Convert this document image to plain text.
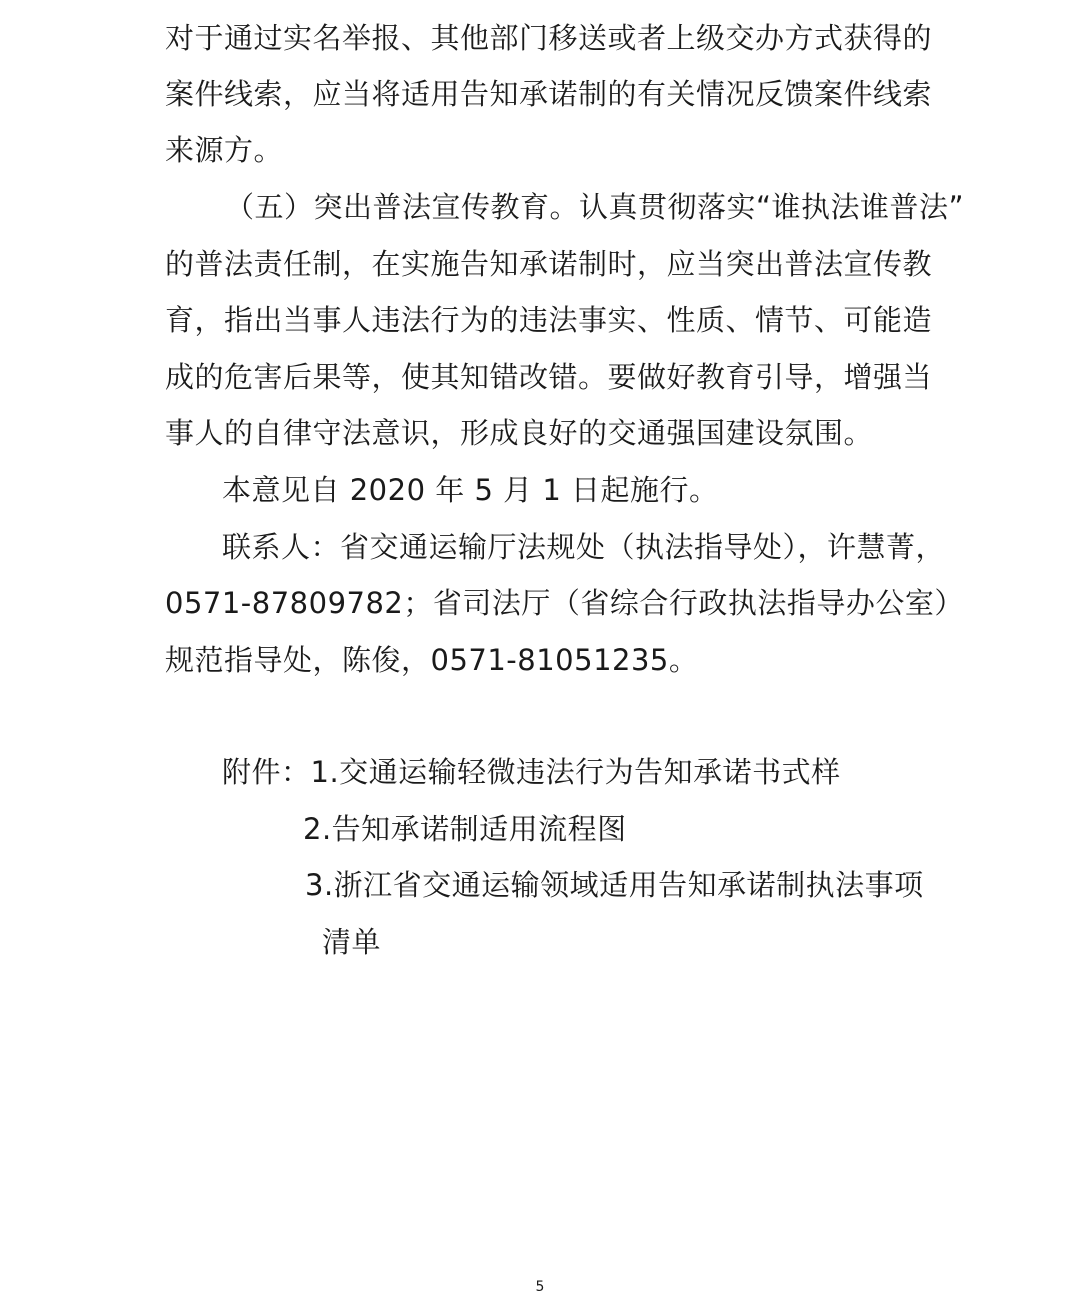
对于通过实名举报、其他部门移送或者上级交办方式获得的
案件线索，应当将适用告知承诺制的有关情况反馈案件线索
来源方。
（五）突出普法宣传教育。认真贯彻落实“谁执法谁普法”
的普法责任制，在实施告知承诺制时，应当突出普法宣传教
育，指出当事人违法行为的违法事实、性质、情节、可能造
成的危害后果等，使其知错改错。要做好教育引导，增强当
事人的自律守法意识，形成良好的交通强国建设氛围。
本意见自 2020 年 5 月 1 日起施行。
联系人：省交通运输厅法规处（执法指导处），许慧菁，
0571-87809782；省司法厅（省综合行政执法指导办公室）
规范指导处，陈俊，0571-81051235。
附件：1.交通运输轻微违法行为告知承诺书式样
2.告知承诺制适用流程图
3.浙江省交通运输领域适用告知承诺制执法事项
清单
5
